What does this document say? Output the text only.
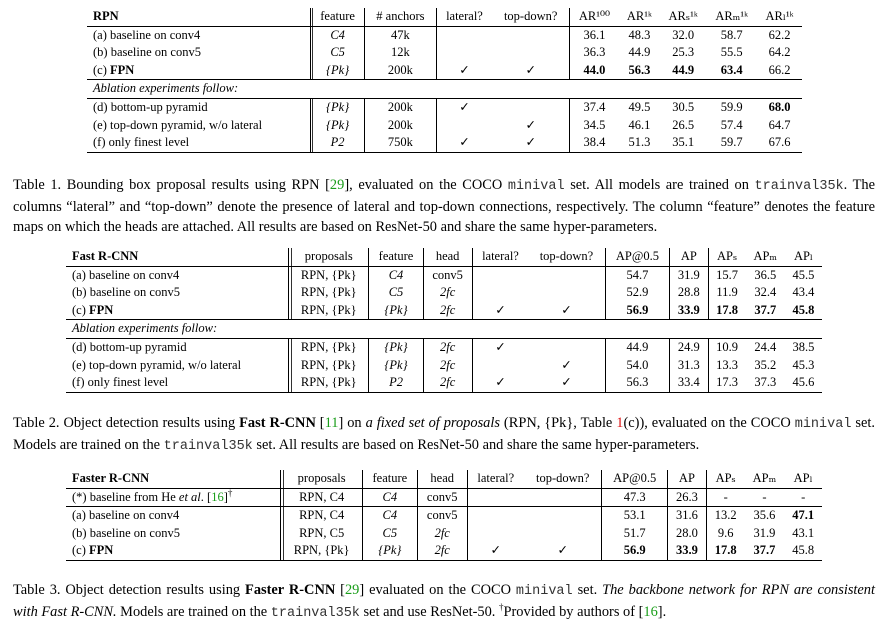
RPN	feature	# anchors	lateral?	top-down?	AR¹⁰⁰	AR¹ᵏ	ARₛ¹ᵏ	ARₘ¹ᵏ	ARₗ¹ᵏ
(a) baseline on conv4	C4	47k			36.1	48.3	32.0	58.7	62.2
(b) baseline on conv5	C5	12k			36.3	44.9	25.3	55.5	64.2
(c) FPN	{Pk}	200k	✓	✓	44.0	56.3	44.9	63.4	66.2
Ablation experiments follow:									
(d) bottom-up pyramid	{Pk}	200k	✓		37.4	49.5	30.5	59.9	68.0
(e) top-down pyramid, w/o lateral	{Pk}	200k		✓	34.5	46.1	26.5	57.4	64.7
(f) only finest level	P2	750k	✓	✓	38.4	51.3	35.1	59.7	67.6

Table 1. Bounding box proposal results using RPN [29], evaluated on the COCO minival set. All models are trained on trainval35k. The columns “lateral” and “top-down” denote the presence of lateral and top-down connections, respectively. The column “feature” denotes the feature maps on which the heads are attached. All results are based on ResNet-50 and share the same hyper-parameters.

Fast R-CNN	proposals	feature	head	lateral?	top-down?	AP@0.5	AP	APₛ	APₘ	APₗ
(a) baseline on conv4	RPN, {Pk}	C4	conv5			54.7	31.9	15.7	36.5	45.5
(b) baseline on conv5	RPN, {Pk}	C5	2fc			52.9	28.8	11.9	32.4	43.4
(c) FPN	RPN, {Pk}	{Pk}	2fc	✓	✓	56.9	33.9	17.8	37.7	45.8
Ablation experiments follow:										
(d) bottom-up pyramid	RPN, {Pk}	{Pk}	2fc	✓		44.9	24.9	10.9	24.4	38.5
(e) top-down pyramid, w/o lateral	RPN, {Pk}	{Pk}	2fc		✓	54.0	31.3	13.3	35.2	45.3
(f) only finest level	RPN, {Pk}	P2	2fc	✓	✓	56.3	33.4	17.3	37.3	45.6

Table 2. Object detection results using Fast R-CNN [11] on a fixed set of proposals (RPN, {Pk}, Table 1(c)), evaluated on the COCO minival set. Models are trained on the trainval35k set. All results are based on ResNet-50 and share the same hyper-parameters.

Faster R-CNN	proposals	feature	head	lateral?	top-down?	AP@0.5	AP	APₛ	APₘ	APₗ
(*) baseline from He et al. [16]†	RPN, C4	C4	conv5			47.3	26.3	-	-	-
(a) baseline on conv4	RPN, C4	C4	conv5			53.1	31.6	13.2	35.6	47.1
(b) baseline on conv5	RPN, C5	C5	2fc			51.7	28.0	9.6	31.9	43.1
(c) FPN	RPN, {Pk}	{Pk}	2fc	✓	✓	56.9	33.9	17.8	37.7	45.8

Table 3. Object detection results using Faster R-CNN [29] evaluated on the COCO minival set. The backbone network for RPN are consistent with Fast R-CNN. Models are trained on the trainval35k set and use ResNet-50. †Provided by authors of [16].
